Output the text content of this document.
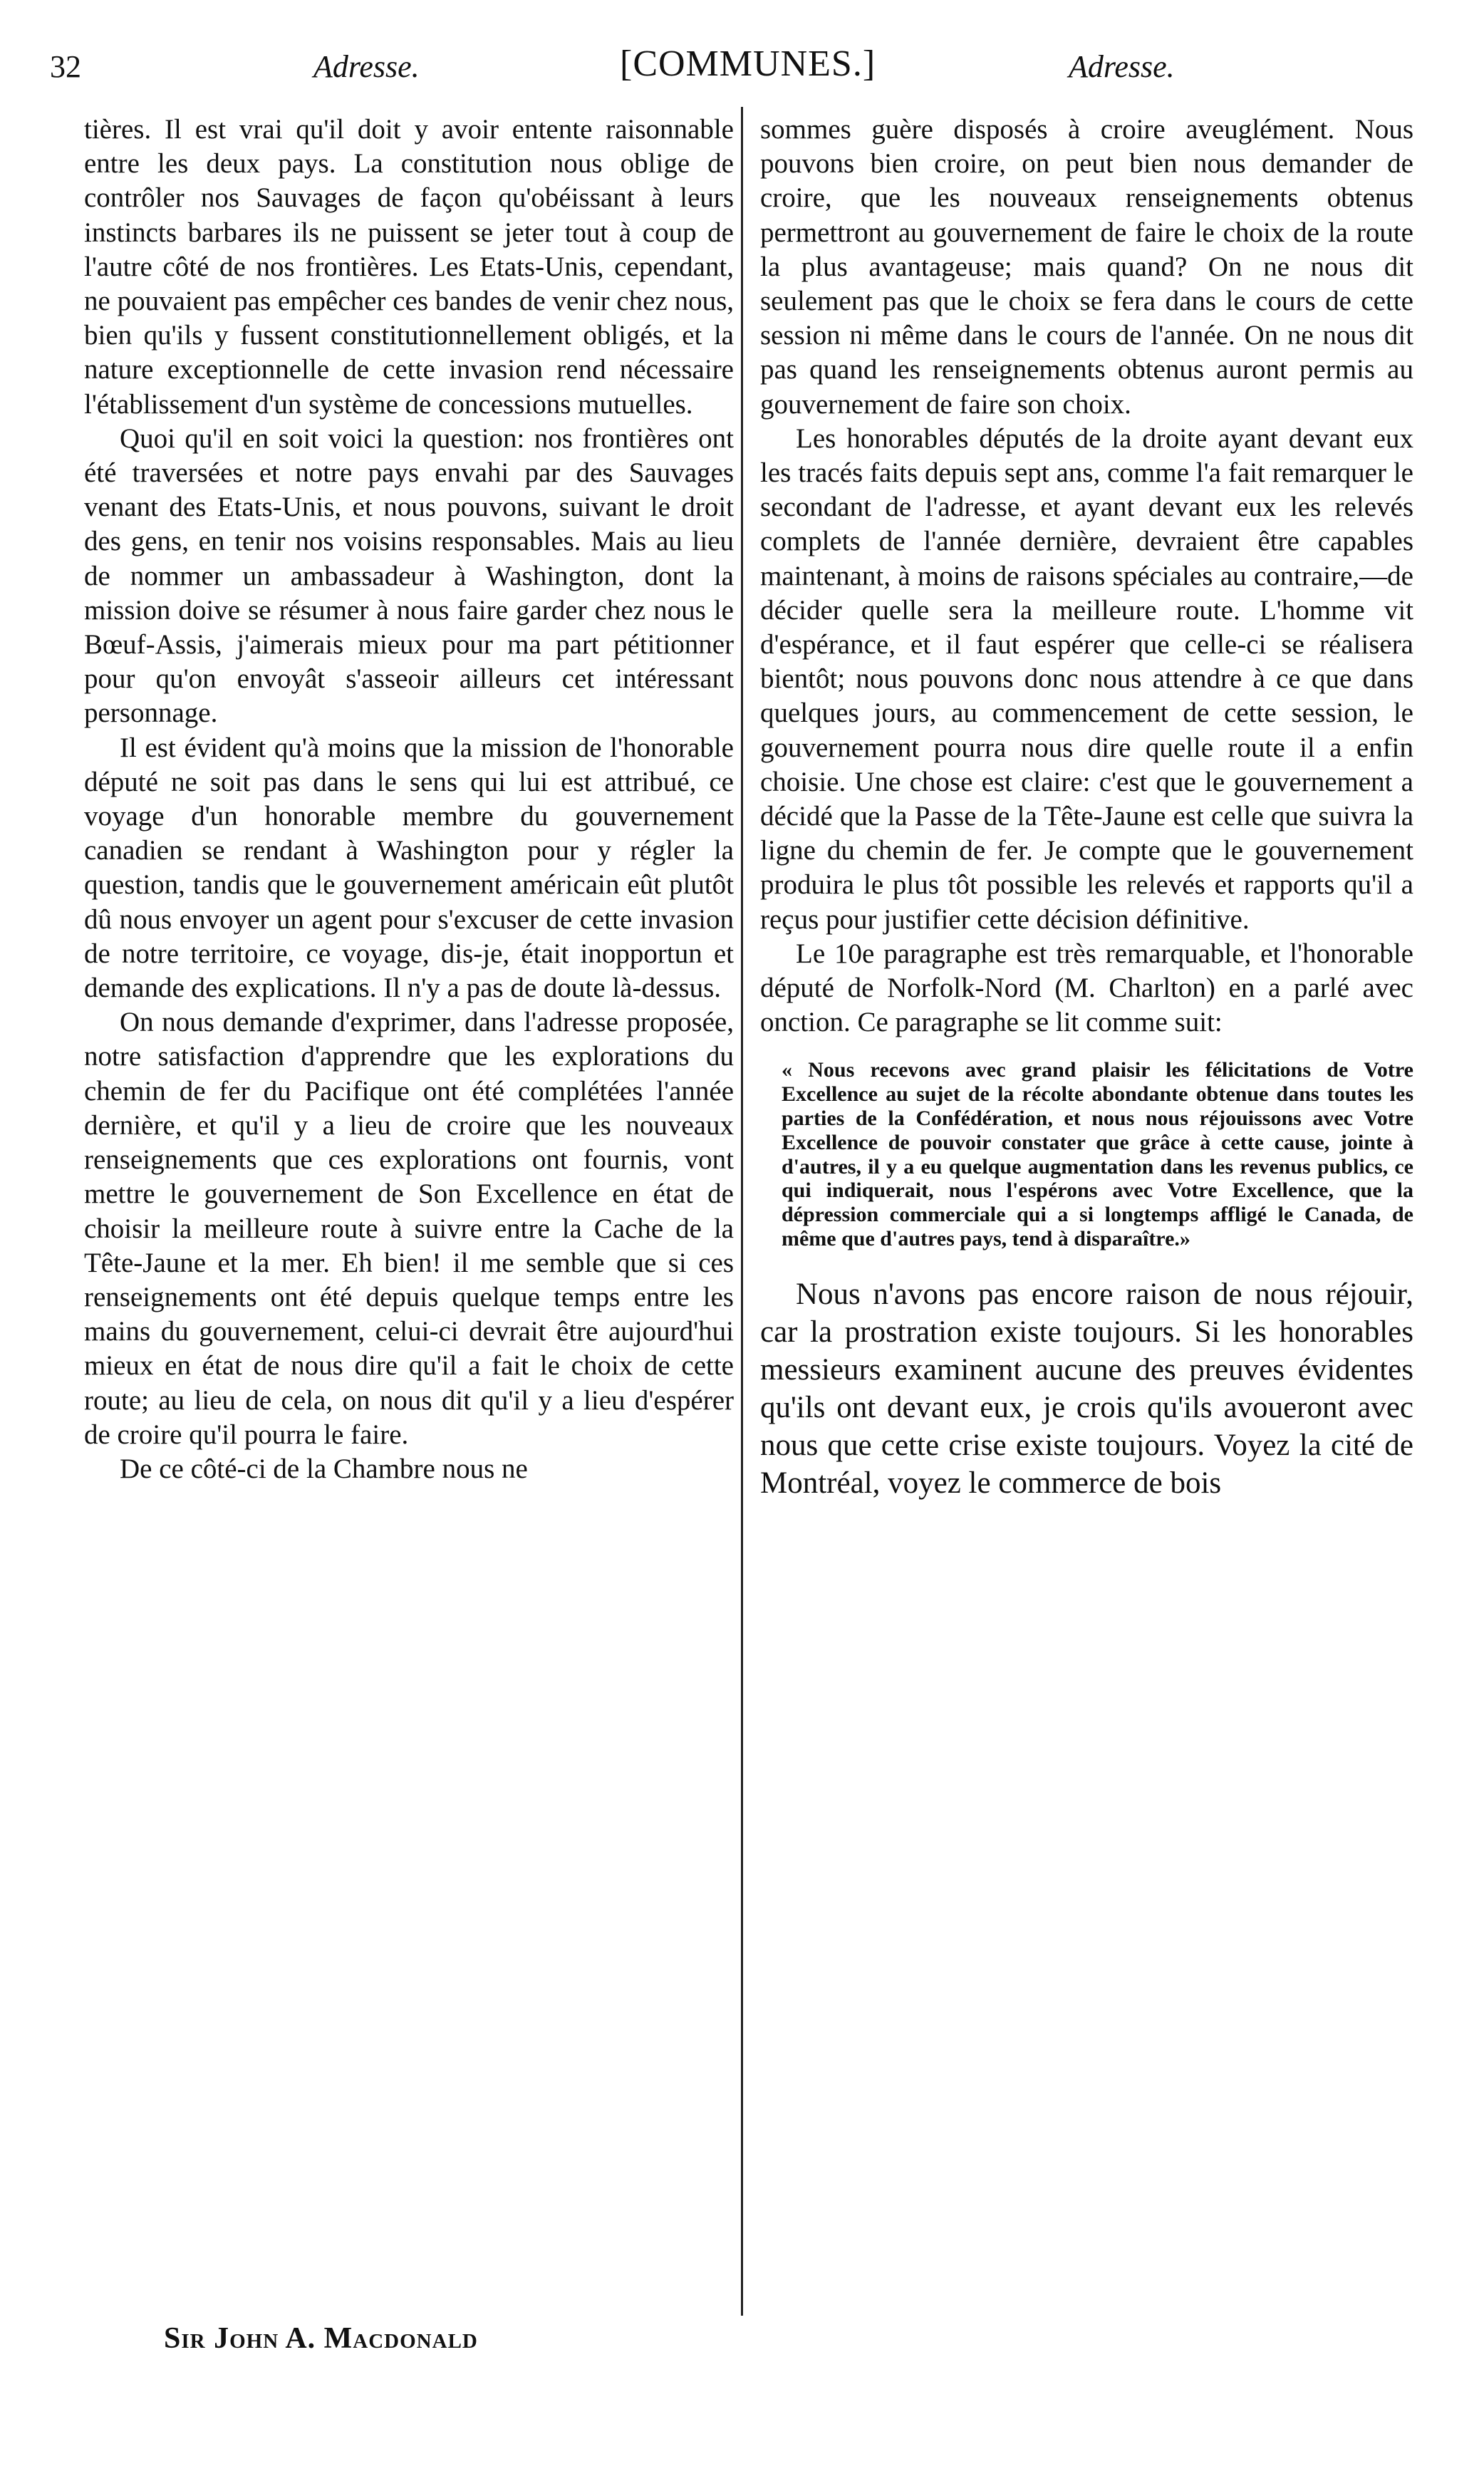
32	Adresse.	[COMMUNES.]	Adresse.

tières. Il est vrai qu'il doit y avoir entente raisonnable entre les deux pays. La constitution nous oblige de contrôler nos Sauvages de façon qu'obéissant à leurs instincts barbares ils ne puissent se jeter tout à coup de l'autre côté de nos frontières. Les Etats-Unis, cependant, ne pouvaient pas empêcher ces bandes de venir chez nous, bien qu'ils y fussent constitutionnellement obligés, et la nature exceptionnelle de cette invasion rend nécessaire l'établissement d'un système de concessions mutuelles.

Quoi qu'il en soit voici la question: nos frontières ont été traversées et notre pays envahi par des Sauvages venant des Etats-Unis, et nous pouvons, suivant le droit des gens, en tenir nos voisins responsables. Mais au lieu de nommer un ambassadeur à Washington, dont la mission doive se résumer à nous faire garder chez nous le Bœuf-Assis, j'aimerais mieux pour ma part pétitionner pour qu'on envoyât s'asseoir ailleurs cet intéressant personnage.

Il est évident qu'à moins que la mission de l'honorable député ne soit pas dans le sens qui lui est attribué, ce voyage d'un honorable membre du gouvernement canadien se rendant à Washington pour y régler la question, tandis que le gouvernement américain eût plutôt dû nous envoyer un agent pour s'excuser de cette invasion de notre territoire, ce voyage, dis-je, était inopportun et demande des explications. Il n'y a pas de doute là-dessus.

On nous demande d'exprimer, dans l'adresse proposée, notre satisfaction d'apprendre que les explorations du chemin de fer du Pacifique ont été complétées l'année dernière, et qu'il y a lieu de croire que les nouveaux renseignements que ces explorations ont fournis, vont mettre le gouvernement de Son Excellence en état de choisir la meilleure route à suivre entre la Cache de la Tête-Jaune et la mer. Eh bien! il me semble que si ces renseignements ont été depuis quelque temps entre les mains du gouvernement, celui-ci devrait être aujourd'hui mieux en état de nous dire qu'il a fait le choix de cette route; au lieu de cela, on nous dit qu'il y a lieu d'espérer de croire qu'il pourra le faire.

De ce côté-ci de la Chambre nous ne

sommes guère disposés à croire aveuglément. Nous pouvons bien croire, on peut bien nous demander de croire, que les nouveaux renseignements obtenus permettront au gouvernement de faire le choix de la route la plus avantageuse; mais quand? On ne nous dit seulement pas que le choix se fera dans le cours de cette session ni même dans le cours de l'année. On ne nous dit pas quand les renseignements obtenus auront permis au gouvernement de faire son choix.

Les honorables députés de la droite ayant devant eux les tracés faits depuis sept ans, comme l'a fait remarquer le secondant de l'adresse, et ayant devant eux les relevés complets de l'année dernière, devraient être capables maintenant, à moins de raisons spéciales au contraire,—de décider quelle sera la meilleure route. L'homme vit d'espérance, et il faut espérer que celle-ci se réalisera bientôt; nous pouvons donc nous attendre à ce que dans quelques jours, au commencement de cette session, le gouvernement pourra nous dire quelle route il a enfin choisie. Une chose est claire: c'est que le gouvernement a décidé que la Passe de la Tête-Jaune est celle que suivra la ligne du chemin de fer. Je compte que le gouvernement produira le plus tôt possible les relevés et rapports qu'il a reçus pour justifier cette décision définitive.

Le 10e paragraphe est très remarquable, et l'honorable député de Norfolk-Nord (M. Charlton) en a parlé avec onction. Ce paragraphe se lit comme suit:

« Nous recevons avec grand plaisir les félicitations de Votre Excellence au sujet de la récolte abondante obtenue dans toutes les parties de la Confédération, et nous nous réjouissons avec Votre Excellence de pouvoir constater que grâce à cette cause, jointe à d'autres, il y a eu quelque augmentation dans les revenus publics, ce qui indiquerait, nous l'espérons avec Votre Excellence, que la dépression commerciale qui a si longtemps affligé le Canada, de même que d'autres pays, tend à disparaître.»

Nous n'avons pas encore raison de nous réjouir, car la prostration existe toujours. Si les honorables messieurs examinent aucune des preuves évidentes qu'ils ont devant eux, je crois qu'ils avoueront avec nous que cette crise existe toujours. Voyez la cité de Montréal, voyez le commerce de bois

Sir John A. Macdonald
